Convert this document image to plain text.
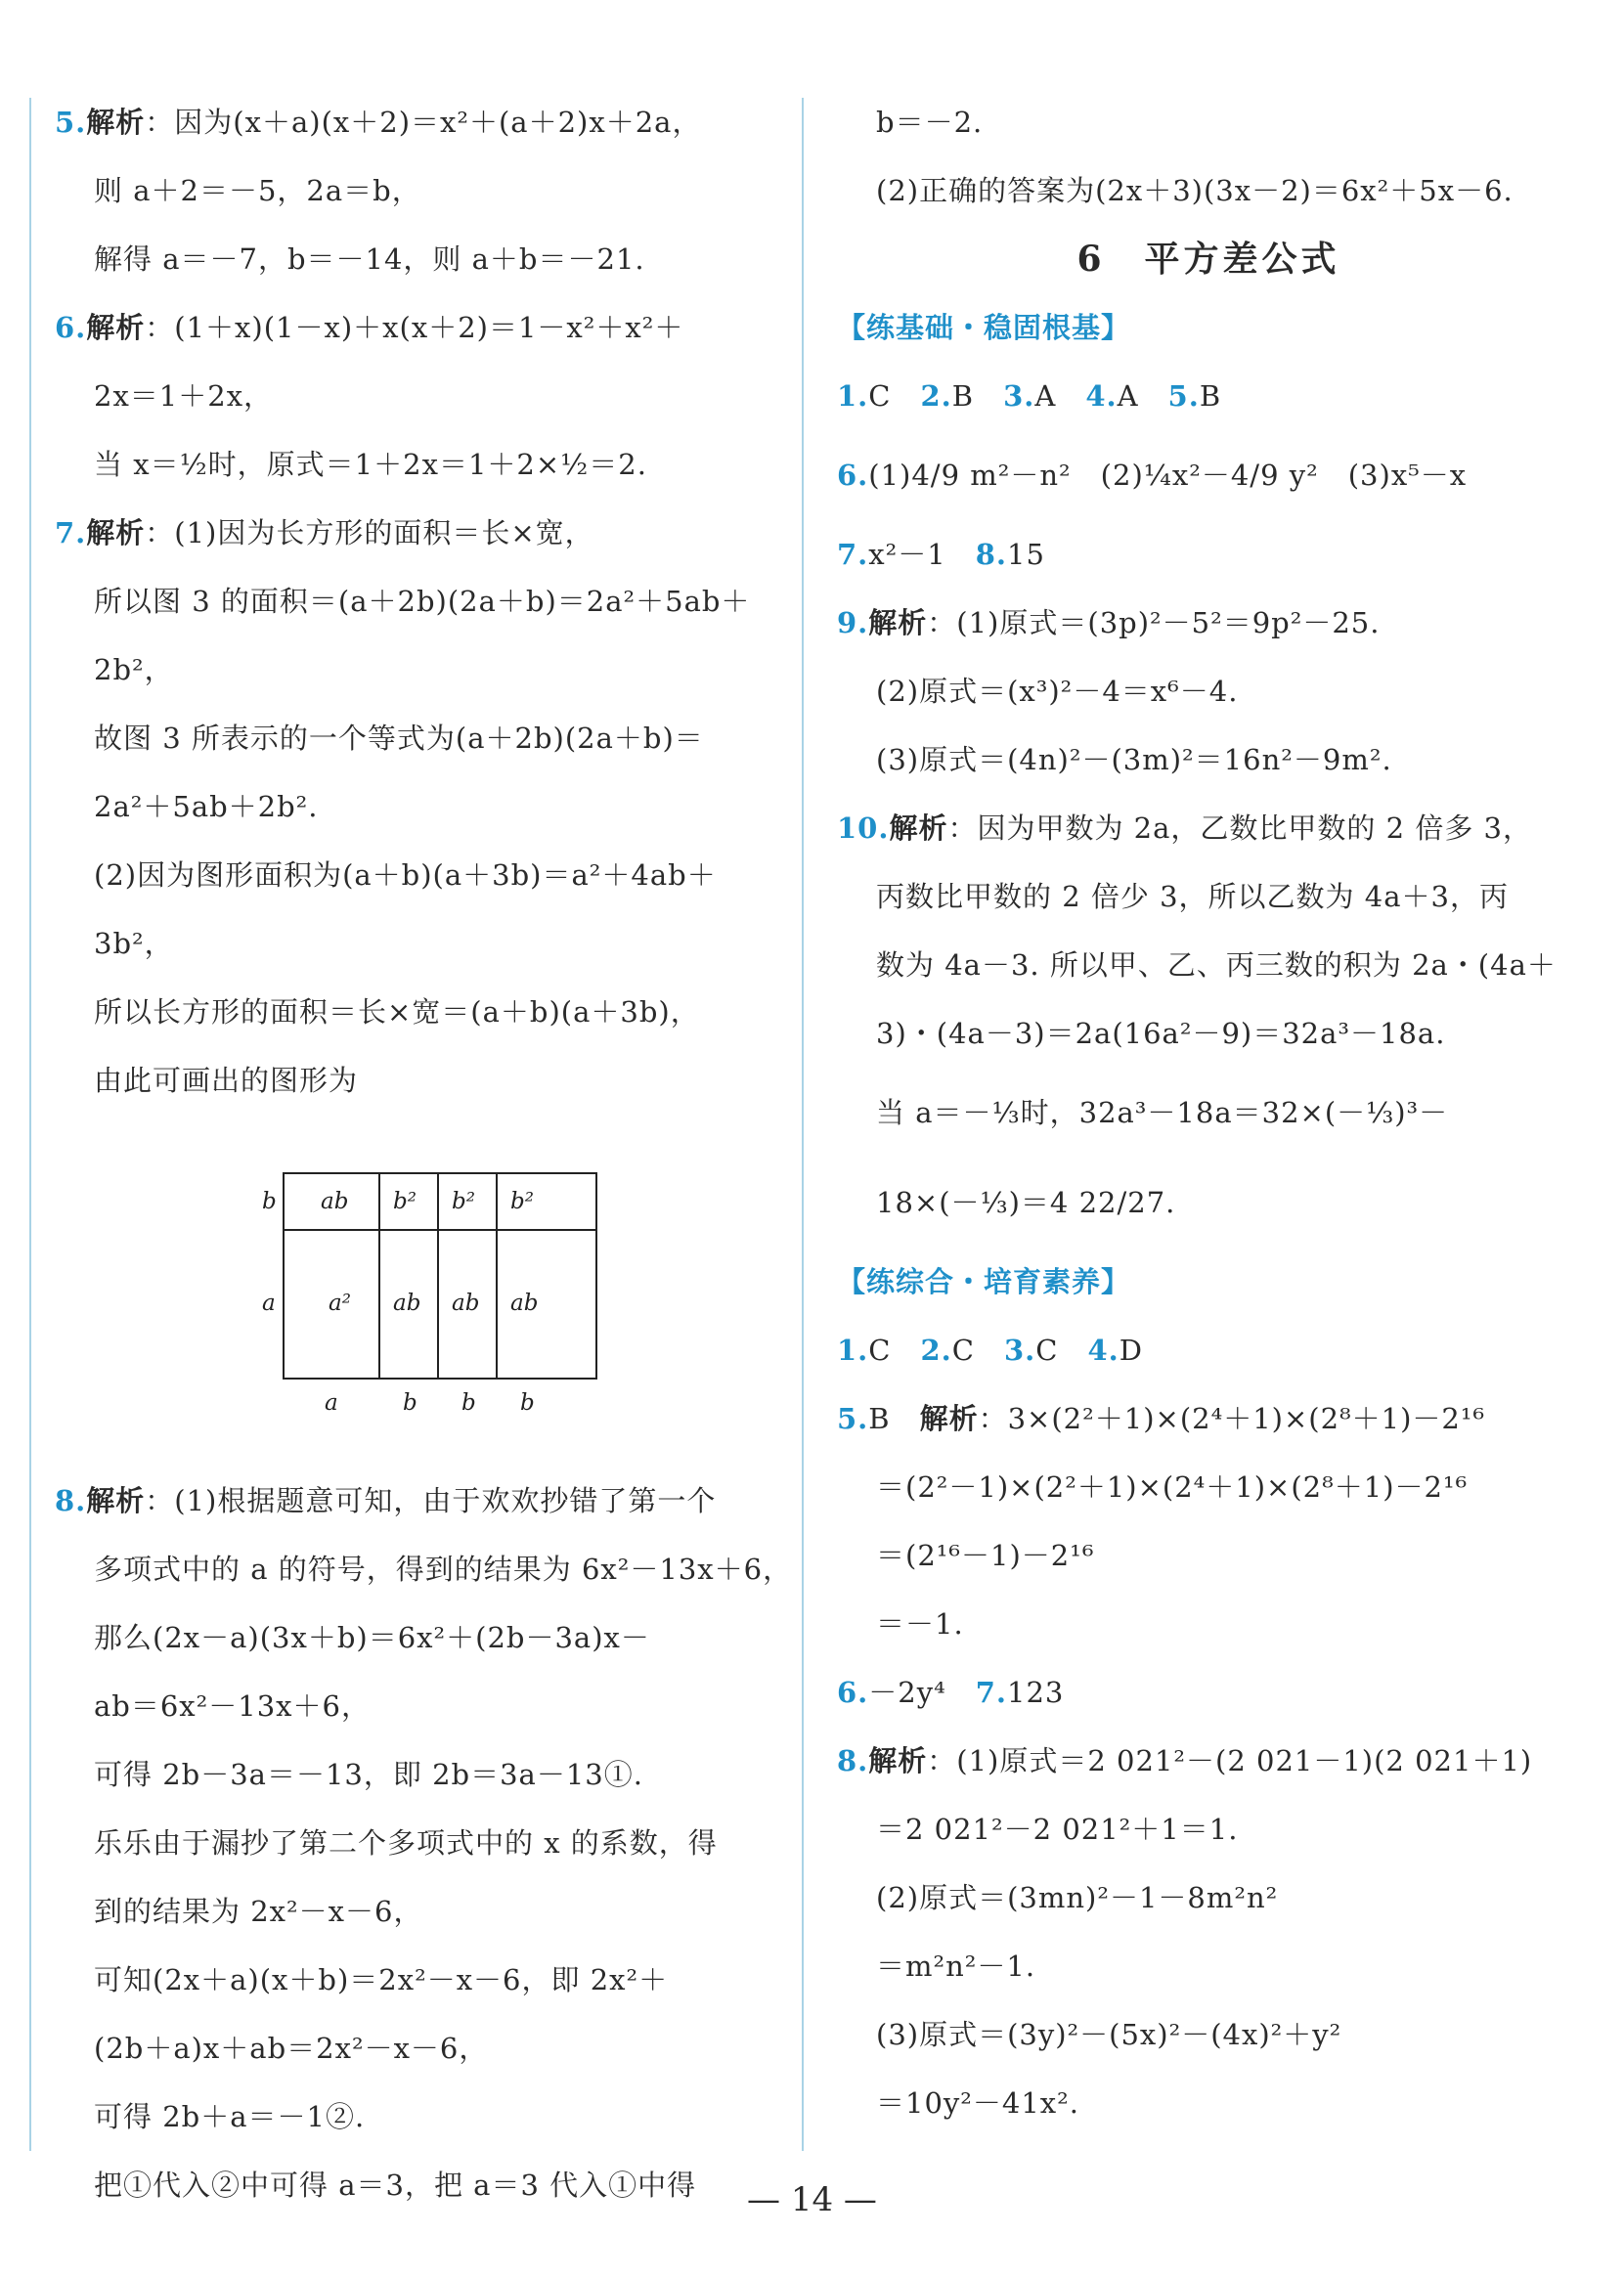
5.解析：因为(x＋a)(x＋2)＝x²＋(a＋2)x＋2a，
则 a＋2＝－5，2a＝b，
解得 a＝－7，b＝－14，则 a＋b＝－21.
6.解析：(1＋x)(1－x)＋x(x＋2)＝1－x²＋x²＋
2x＝1＋2x，
当 x＝½时，原式＝1＋2x＝1＋2×½＝2.
7.解析：(1)因为长方形的面积＝长×宽，
所以图 3 的面积＝(a＋2b)(2a＋b)＝2a²＋5ab＋
2b²，
故图 3 所表示的一个等式为(a＋2b)(2a＋b)＝
2a²＋5ab＋2b².
(2)因为图形面积为(a＋b)(a＋3b)＝a²＋4ab＋
3b²，
所以长方形的面积＝长×宽＝(a＋b)(a＋3b)，
由此可画出的图形为
8.解析：(1)根据题意可知，由于欢欢抄错了第一个
多项式中的 a 的符号，得到的结果为 6x²－13x＋6，
那么(2x－a)(3x＋b)＝6x²＋(2b－3a)x－
ab＝6x²－13x＋6，
可得 2b－3a＝－13，即 2b＝3a－13①.
乐乐由于漏抄了第二个多项式中的 x 的系数，得
到的结果为 2x²－x－6，
可知(2x＋a)(x＋b)＝2x²－x－6，即 2x²＋
(2b＋a)x＋ab＝2x²－x－6，
可得 2b＋a＝－1②.
把①代入②中可得 a＝3，把 a＝3 代入①中得
ab b² b² b²
a² ab ab ab
b
a
a	b b b
b＝－2.
(2)正确的答案为(2x＋3)(3x－2)＝6x²＋5x－6.
6　平方差公式
【练基础・稳固根基】
1.C　2.B　3.A　4.A　5.B
6.(1)4/9 m²－n²　(2)¼x²－4/9 y²　(3)x⁵－x
7.x²－1　8.15
9.解析：(1)原式＝(3p)²－5²＝9p²－25.
(2)原式＝(x³)²－4＝x⁶－4.
(3)原式＝(4n)²－(3m)²＝16n²－9m².
10.解析：因为甲数为 2a，乙数比甲数的 2 倍多 3，
丙数比甲数的 2 倍少 3，所以乙数为 4a＋3，丙
数为 4a－3. 所以甲、乙、丙三数的积为 2a・(4a＋
3)・(4a－3)＝2a(16a²－9)＝32a³－18a.
当 a＝－⅓时，32a³－18a＝32×(－⅓)³－
18×(－⅓)＝4 22/27.
【练综合・培育素养】
1.C　2.C　3.C　4.D
5.B　解析：3×(2²＋1)×(2⁴＋1)×(2⁸＋1)－2¹⁶
＝(2²－1)×(2²＋1)×(2⁴＋1)×(2⁸＋1)－2¹⁶
＝(2¹⁶－1)－2¹⁶
＝－1.
6.－2y⁴　7.123
8.解析：(1)原式＝2 021²－(2 021－1)(2 021＋1)
＝2 021²－2 021²＋1＝1.
(2)原式＝(3mn)²－1－8m²n²
＝m²n²－1.
(3)原式＝(3y)²－(5x)²－(4x)²＋y²
＝10y²－41x².
— 14 —
